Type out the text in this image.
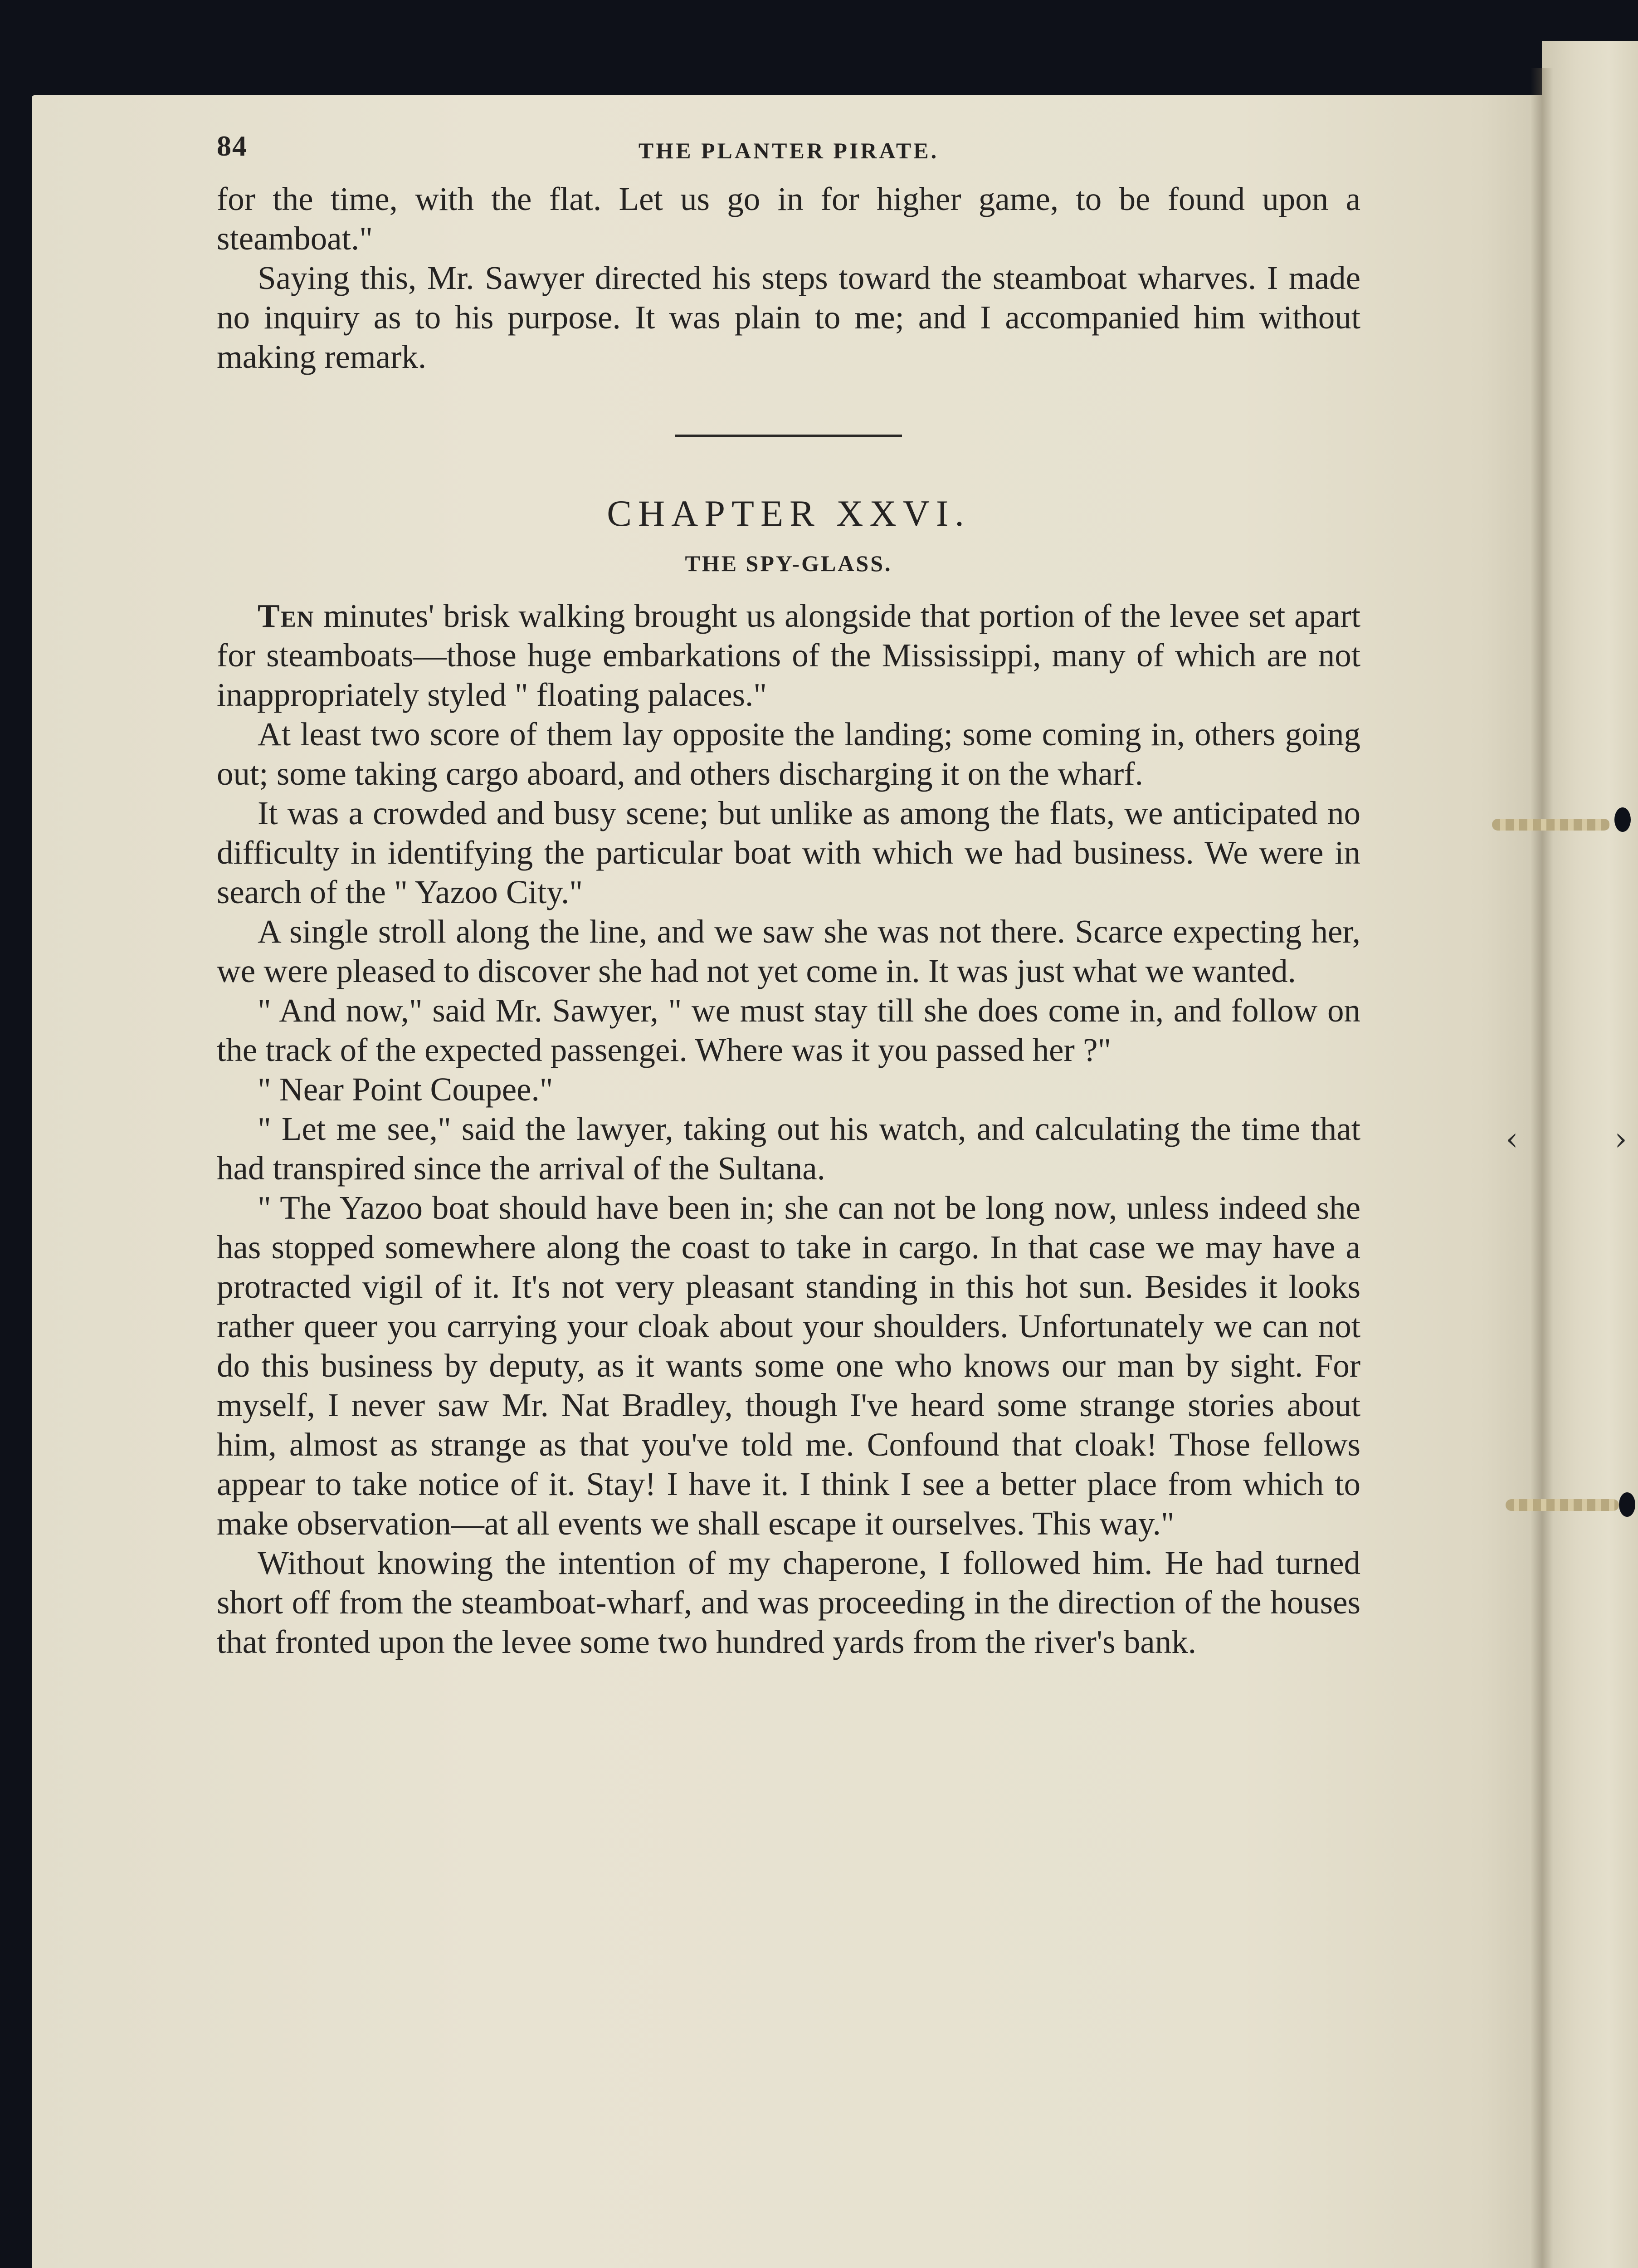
‹	›
84	THE PLANTER PIRATE.

for the time, with the flat. Let us go in for higher game, to be found upon a steamboat."

Saying this, Mr. Sawyer directed his steps toward the steamboat wharves. I made no inquiry as to his purpose. It was plain to me; and I accompanied him without making remark.

CHAPTER XXVI.
THE SPY-GLASS.

Ten minutes' brisk walking brought us alongside that portion of the levee set apart for steamboats—those huge embarkations of the Mississippi, many of which are not inappropriately styled " floating palaces."

At least two score of them lay opposite the landing; some coming in, others going out; some taking cargo aboard, and others discharging it on the wharf.

It was a crowded and busy scene; but unlike as among the flats, we anticipated no difficulty in identifying the particular boat with which we had business. We were in search of the " Yazoo City."

A single stroll along the line, and we saw she was not there. Scarce expecting her, we were pleased to discover she had not yet come in. It was just what we wanted.

" And now," said Mr. Sawyer, " we must stay till she does come in, and follow on the track of the expected passengei. Where was it you passed her ?"

" Near Point Coupee."

" Let me see," said the lawyer, taking out his watch, and calculating the time that had transpired since the arrival of the Sultana.

" The Yazoo boat should have been in; she can not be long now, unless indeed she has stopped somewhere along the coast to take in cargo. In that case we may have a protracted vigil of it. It's not very pleasant standing in this hot sun. Besides it looks rather queer you carrying your cloak about your shoulders. Unfortunately we can not do this business by deputy, as it wants some one who knows our man by sight. For myself, I never saw Mr. Nat Bradley, though I've heard some strange stories about him, almost as strange as that you've told me. Confound that cloak! Those fellows appear to take notice of it. Stay! I have it. I think I see a better place from which to make observation—at all events we shall escape it ourselves. This way."

Without knowing the intention of my chaperone, I followed him. He had turned short off from the steamboat-wharf, and was proceeding in the direction of the houses that fronted upon the levee some two hundred yards from the river's bank.
